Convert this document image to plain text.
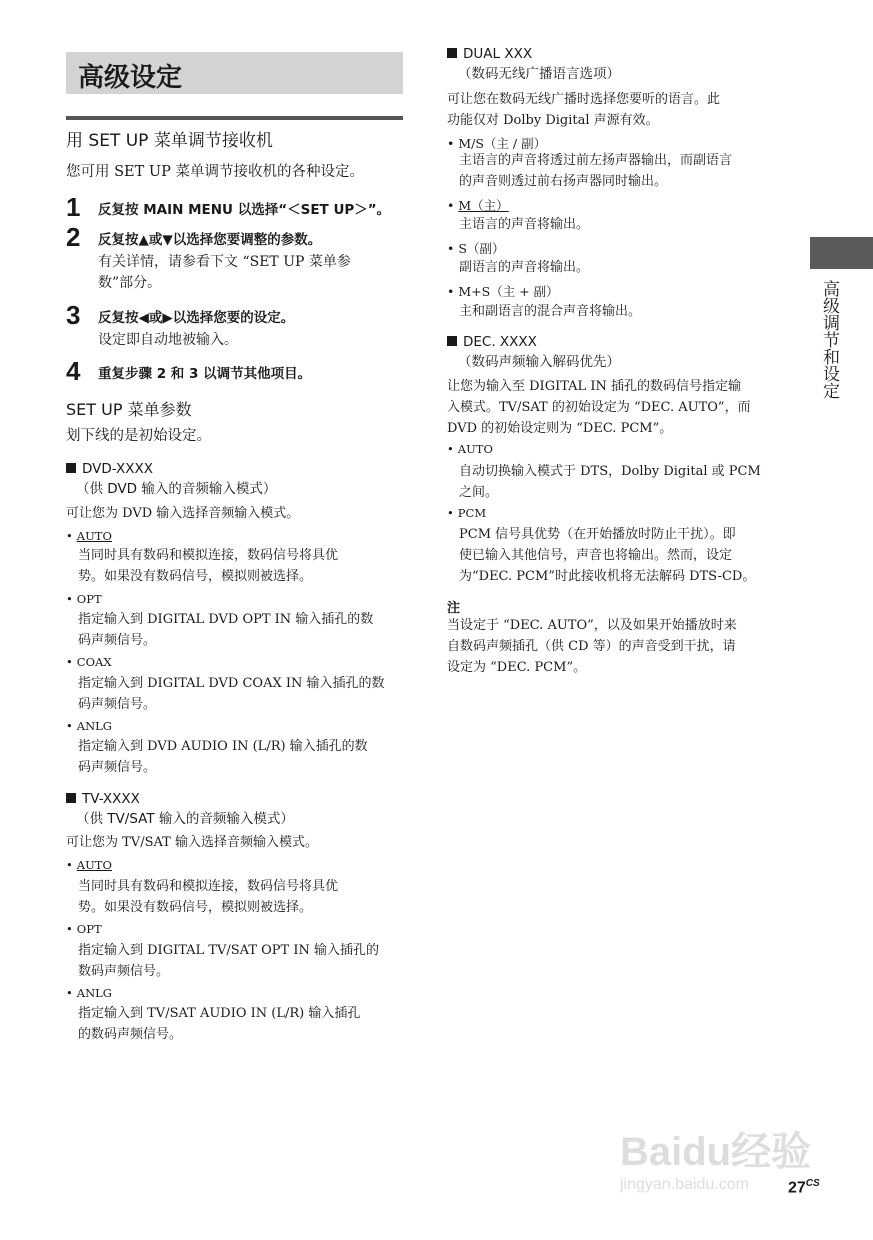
高级设定
用 SET UP 菜单调节接收机
您可用 SET UP 菜单调节接收机的各种设定。
1 反复按 MAIN MENU 以选择“＜SET UP＞”。
2 反复按▲或▼以选择您要调整的参数。
有关详情，请参看下文 “SET UP 菜单参
数”部分。
3 反复按◀或▶以选择您要的设定。
设定即自动地被输入。
4 重复步骤 2 和 3 以调节其他项目。
SET UP 菜单参数
划下线的是初始设定。
DVD-XXXX
（供 DVD 输入的音频输入模式）
可让您为 DVD 输入选择音频输入模式。
• AUTO
当同时具有数码和模拟连接，数码信号将具优
势。如果没有数码信号，模拟则被选择。
• OPT
指定输入到 DIGITAL DVD OPT IN 输入插孔的数
码声频信号。
• COAX
指定输入到 DIGITAL DVD COAX IN 输入插孔的数
码声频信号。
• ANLG
指定输入到 DVD AUDIO IN (L/R) 输入插孔的数
码声频信号。
TV-XXXX
（供 TV/SAT 输入的音频输入模式）
可让您为 TV/SAT 输入选择音频输入模式。
• AUTO
当同时具有数码和模拟连接，数码信号将具优
势。如果没有数码信号，模拟则被选择。
• OPT
指定输入到 DIGITAL TV/SAT OPT IN 输入插孔的
数码声频信号。
• ANLG
指定输入到 TV/SAT AUDIO IN (L/R) 输入插孔
的数码声频信号。
DUAL XXX
（数码无线广播语言选项）
可让您在数码无线广播时选择您要听的语言。此
功能仅对 Dolby Digital 声源有效。
• M/S（主 / 副）
主语言的声音将透过前左扬声器输出，而副语言
的声音则透过前右扬声器同时输出。
• M（主）
主语言的声音将输出。
• S（副）
副语言的声音将输出。
• M+S（主 + 副）
主和副语言的混合声音将输出。
DEC. XXXX
（数码声频输入解码优先）
让您为输入至 DIGITAL IN 插孔的数码信号指定输
入模式。TV/SAT 的初始设定为 “DEC. AUTO”，而
DVD 的初始设定则为 “DEC. PCM”。
• AUTO
自动切换输入模式于 DTS，Dolby Digital 或 PCM
之间。
• PCM
PCM 信号具优势（在开始播放时防止干扰）。即
使已输入其他信号，声音也将输出。然而，设定
为“DEC. PCM”时此接收机将无法解码 DTS-CD。
注
当设定于 “DEC. AUTO”，以及如果开始播放时来
自数码声频插孔（供 CD 等）的声音受到干扰，请
设定为 “DEC. PCM”。
高级调节和设定
Baidu经验
jingyan.baidu.com $27^{CS}$
